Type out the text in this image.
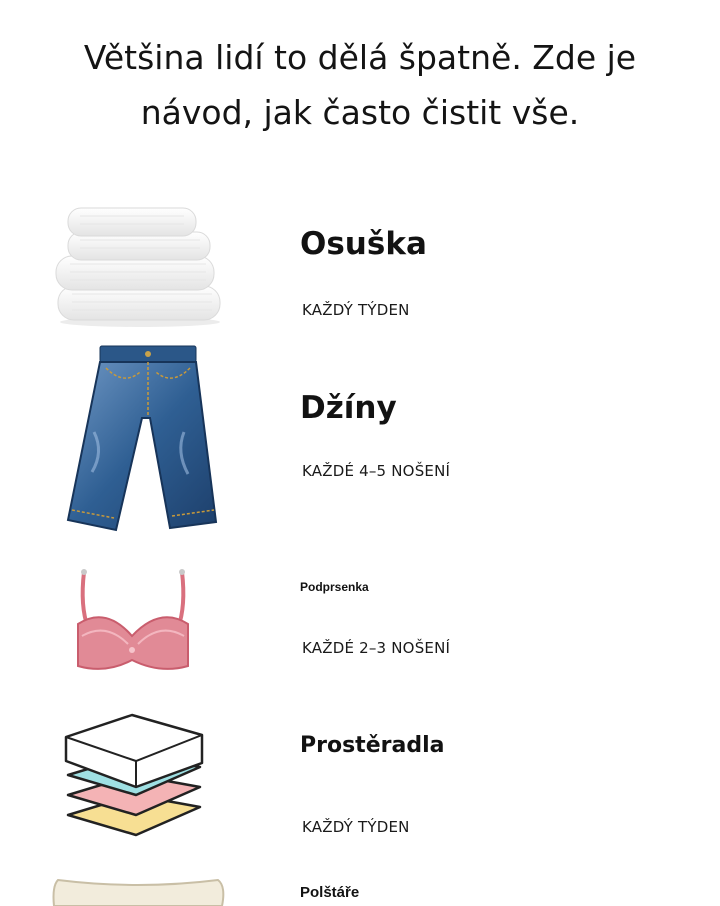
Většina lidí to dělá špatně. Zde je
návod, jak často čistit vše.
Osuška

KAŽDÝ TÝDEN

Džíny

KAŽDÉ 4–5 NOŠENÍ

Podprsenka

KAŽDÉ 2–3 NOŠENÍ

Prostěradla

KAŽDÝ TÝDEN

Polštáře
